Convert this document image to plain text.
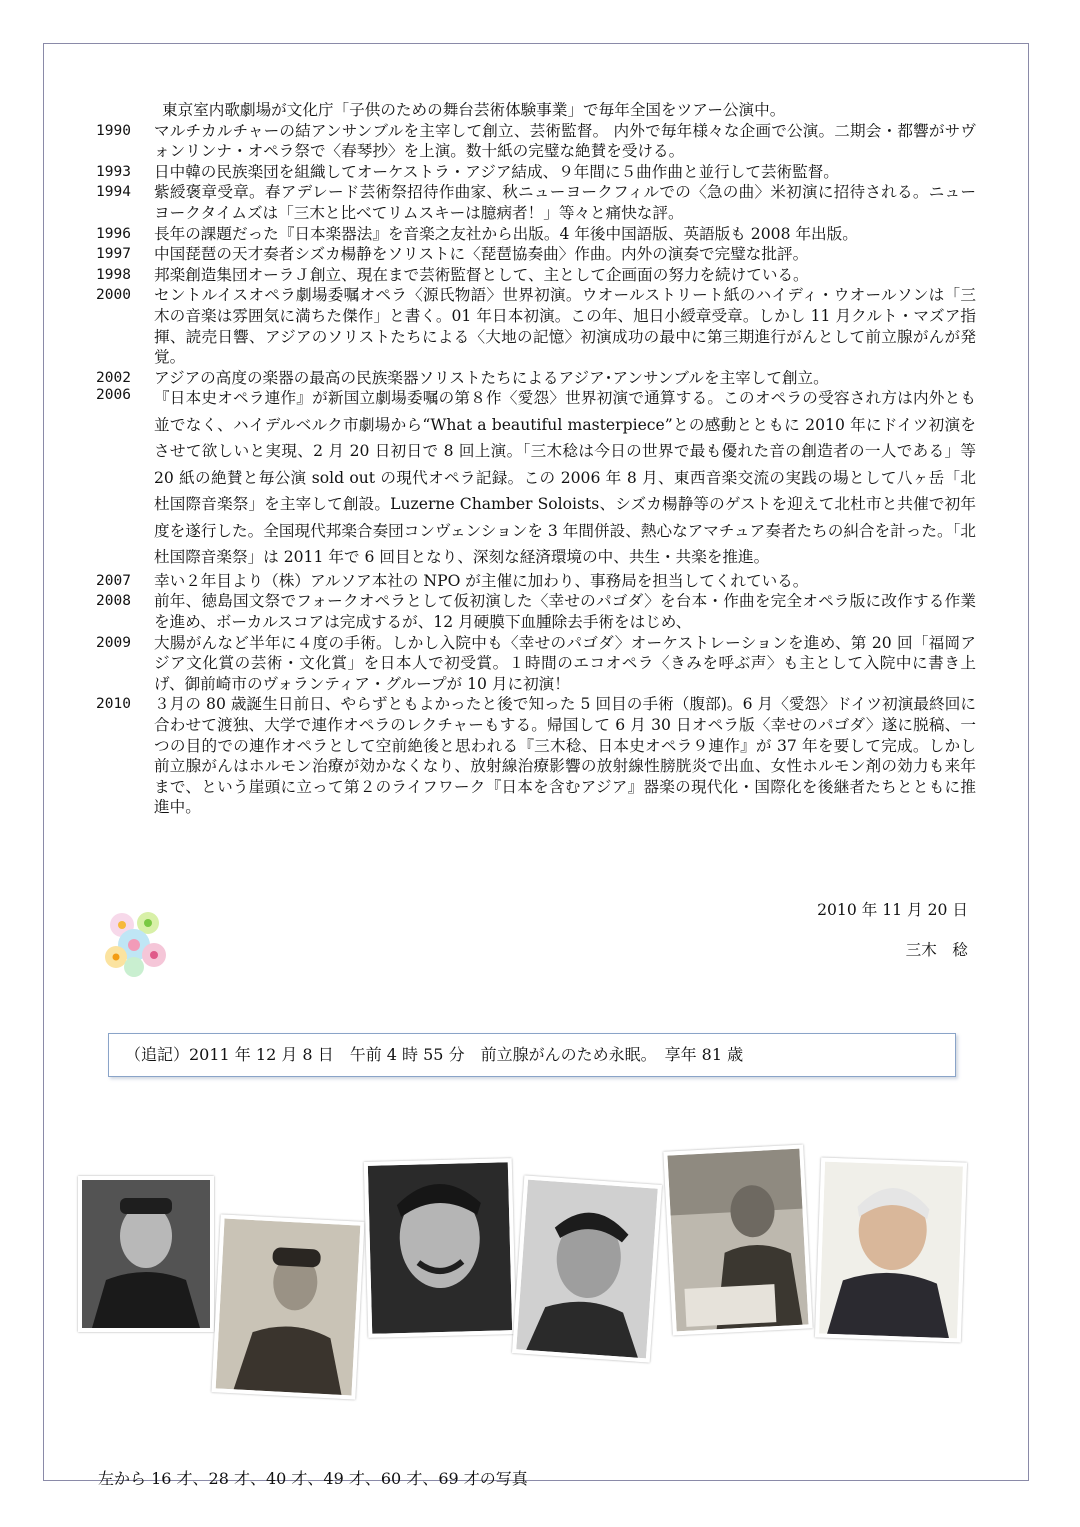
東京室内歌劇場が文化庁「子供のための舞台芸術体験事業」で毎年全国をツアー公演中。
1990	マルチカルチャーの結アンサンブルを主宰して創立、芸術監督。 内外で毎年様々な企画で公演。二期会・都響がサヴォンリンナ・オペラ祭で〈春琴抄〉を上演。数十紙の完璧な絶賛を受ける。
1993	日中韓の民族楽団を組織してオーケストラ・アジア結成、９年間に５曲作曲と並行して芸術監督。
1994	紫綬褒章受章。春アデレード芸術祭招待作曲家、秋ニューヨークフィルでの〈急の曲〉米初演に招待される。ニューヨークタイムズは「三木と比べてリムスキーは臆病者！」等々と痛快な評。
1996	長年の課題だった『日本楽器法』を音楽之友社から出版。4 年後中国語版、英語版も 2008 年出版。
1997	中国琵琶の天才奏者シズカ楊静をソリストに〈琵琶協奏曲〉作曲。内外の演奏で完璧な批評。
1998	邦楽創造集団オーラＪ創立、現在まで芸術監督として、主として企画面の努力を続けている。
2000	セントルイスオペラ劇場委嘱オペラ〈源氏物語〉世界初演。ウオールストリート紙のハイディ・ウオールソンは「三木の音楽は雰囲気に満ちた傑作」と書く。01 年日本初演。この年、旭日小綬章受章。しかし 11 月クルト・マズア指揮、読売日響、アジアのソリストたちによる〈大地の記憶〉初演成功の最中に第三期進行がんとして前立腺がんが発覚。
2002	アジアの高度の楽器の最高の民族楽器ソリストたちによるアジア･アンサンブルを主宰して創立。
2006	『日本史オペラ連作』が新国立劇場委嘱の第８作〈愛怨〉世界初演で通算する。このオペラの受容され方は内外とも並でなく、ハイデルベルク市劇場から“What a beautiful masterpiece”との感動とともに 2010 年にドイツ初演をさせて欲しいと実現、2 月 20 日初日で 8 回上演。「三木稔は今日の世界で最も優れた音の創造者の一人である」等 20 紙の絶賛と毎公演 sold out の現代オペラ記録。この 2006 年 8 月、東西音楽交流の実践の場として八ヶ岳「北杜国際音楽祭」を主宰して創設。Luzerne Chamber Soloists、シズカ楊静等のゲストを迎えて北杜市と共催で初年度を遂行した。全国現代邦楽合奏団コンヴェンションを 3 年間併設、熱心なアマチュア奏者たちの糾合を計った。「北杜国際音楽祭」は 2011 年で 6 回目となり、深刻な経済環境の中、共生・共楽を推進。
2007	幸い２年目より（株）アルソア本社の NPO が主催に加わり、事務局を担当してくれている。
2008	前年、徳島国文祭でフォークオペラとして仮初演した〈幸せのパゴダ〉を台本・作曲を完全オペラ版に改作する作業を進め、ボーカルスコアは完成するが、12 月硬膜下血腫除去手術をはじめ、
2009	大腸がんなど半年に４度の手術。しかし入院中も〈幸せのパゴダ〉オーケストレーションを進め、第 20 回「福岡アジア文化賞の芸術・文化賞」を日本人で初受賞。１時間のエコオペラ〈きみを呼ぶ声〉も主として入院中に書き上げ、御前崎市のヴォランティア・グループが 10 月に初演！
2010	３月の 80 歳誕生日前日、やらずともよかったと後で知った 5 回目の手術（腹部)。6 月〈愛怨〉ドイツ初演最終回に合わせて渡独、大学で連作オペラのレクチャーもする。帰国して 6 月 30 日オペラ版〈幸せのパゴダ〉遂に脱稿、一つの目的での連作オペラとして空前絶後と思われる『三木稔、日本史オペラ９連作』が 37 年を要して完成。しかし前立腺がんはホルモン治療が効かなくなり、放射線治療影響の放射線性膀胱炎で出血、女性ホルモン剤の効力も来年まで、という崖頭に立って第２のライフワーク『日本を含むアジア』器楽の現代化・国際化を後継者たちとともに推進中。
2010 年 11 月 20 日
三木　稔
（追記）2011 年 12 月 8 日　午前 4 時 55 分　前立腺がんのため永眠。　享年 81 歳
左から 16 才、28 才、40 才、49 才、60 才、69 才の写真
